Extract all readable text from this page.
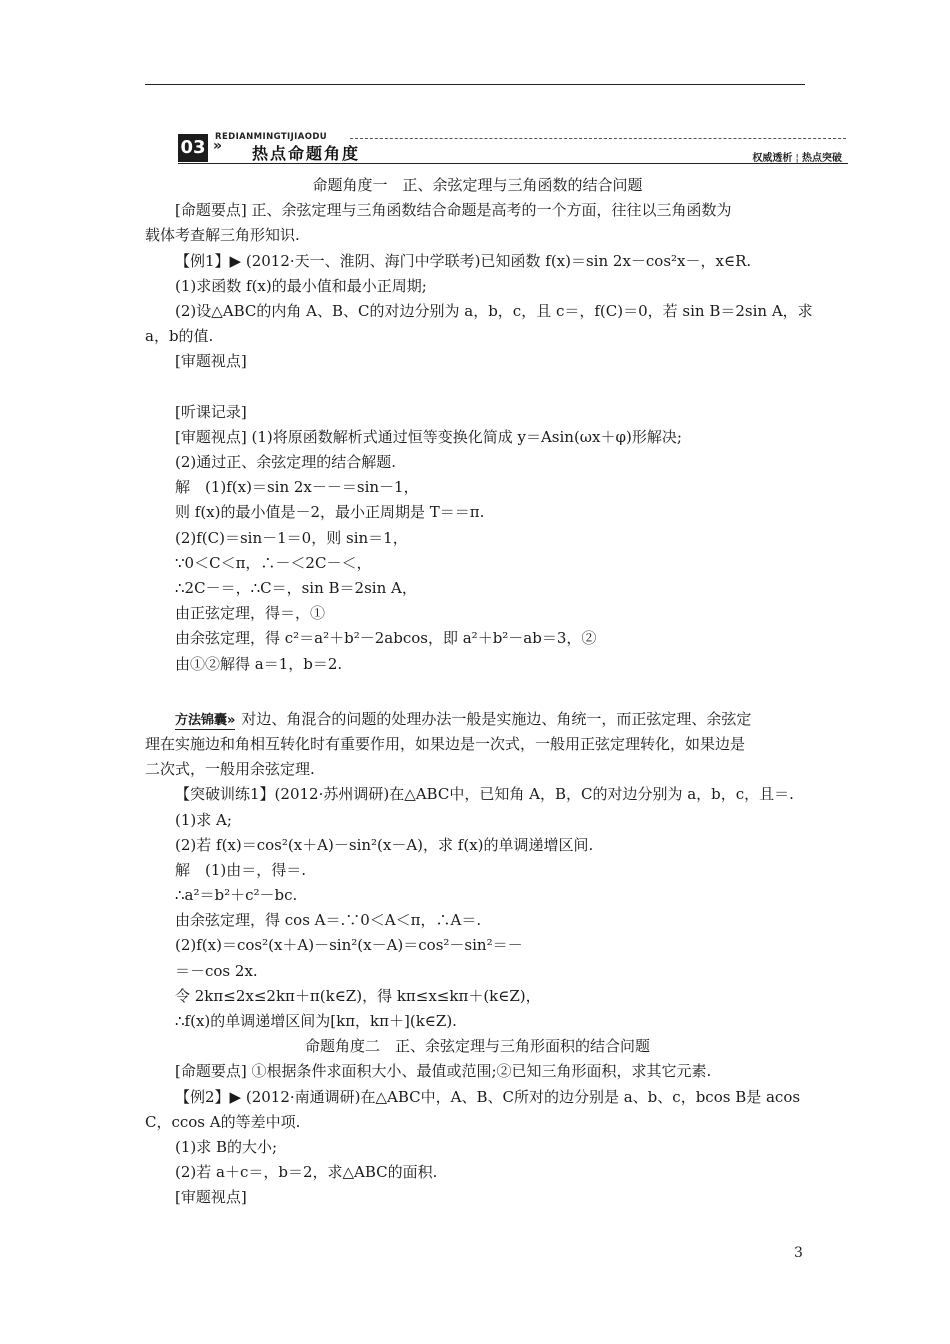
REDIANMINGTIJIAODU
03 » 热点命题角度	权威透析 ¦ 热点突破
命题角度一　正、余弦定理与三角函数的结合问题
[命题要点] 正、余弦定理与三角函数结合命题是高考的一个方面，往往以三角函数为
载体考查解三角形知识.
【例1】▶ (2012·天一、淮阴、海门中学联考)已知函数 f(x)＝sin 2x－cos²x－，x∈R.
(1)求函数 f(x)的最小值和最小正周期;
(2)设△ABC的内角 A、B、C的对边分别为 a，b，c，且 c＝，f(C)＝0，若 sin B＝2sin A，求
a，b的值.
[审题视点]
[听课记录]
[审题视点] (1)将原函数解析式通过恒等变换化简成 y＝Asin(ωx＋φ)形解决;
(2)通过正、余弦定理的结合解题.
解　(1)f(x)＝sin 2x－－＝sin－1，
则 f(x)的最小值是－2，最小正周期是 T＝＝π.
(2)f(C)＝sin－1＝0，则 sin＝1，
∵0＜C＜π，∴－＜2C－＜，
∴2C－＝，∴C＝，sin B＝2sin A，
由正弦定理，得＝，①
由余弦定理，得 c²＝a²＋b²－2abcos，即 a²＋b²－ab＝3，②
由①②解得 a＝1，b＝2.
方法锦囊» 对边、角混合的问题的处理办法一般是实施边、角统一，而正弦定理、余弦定
理在实施边和角相互转化时有重要作用，如果边是一次式，一般用正弦定理转化，如果边是
二次式，一般用余弦定理.
【突破训练1】(2012·苏州调研)在△ABC中，已知角 A，B，C的对边分别为 a，b，c，且＝.
(1)求 A;
(2)若 f(x)＝cos²(x＋A)－sin²(x－A)，求 f(x)的单调递增区间.
解　(1)由＝，得＝.
∴a²＝b²＋c²－bc.
由余弦定理，得 cos A＝.∵0＜A＜π，∴A＝.
(2)f(x)＝cos²(x＋A)－sin²(x－A)＝cos²－sin²＝－
＝－cos 2x.
令 2kπ≤2x≤2kπ＋π(k∈Z)，得 kπ≤x≤kπ＋(k∈Z)，
∴f(x)的单调递增区间为[kπ，kπ＋](k∈Z).
命题角度二　正、余弦定理与三角形面积的结合问题
[命题要点] ①根据条件求面积大小、最值或范围;②已知三角形面积，求其它元素.
【例2】▶ (2012·南通调研)在△ABC中，A、B、C所对的边分别是 a、b、c，bcos B是 acos
C，ccos A的等差中项.
(1)求 B的大小;
(2)若 a＋c＝，b＝2，求△ABC的面积.
[审题视点]
3
